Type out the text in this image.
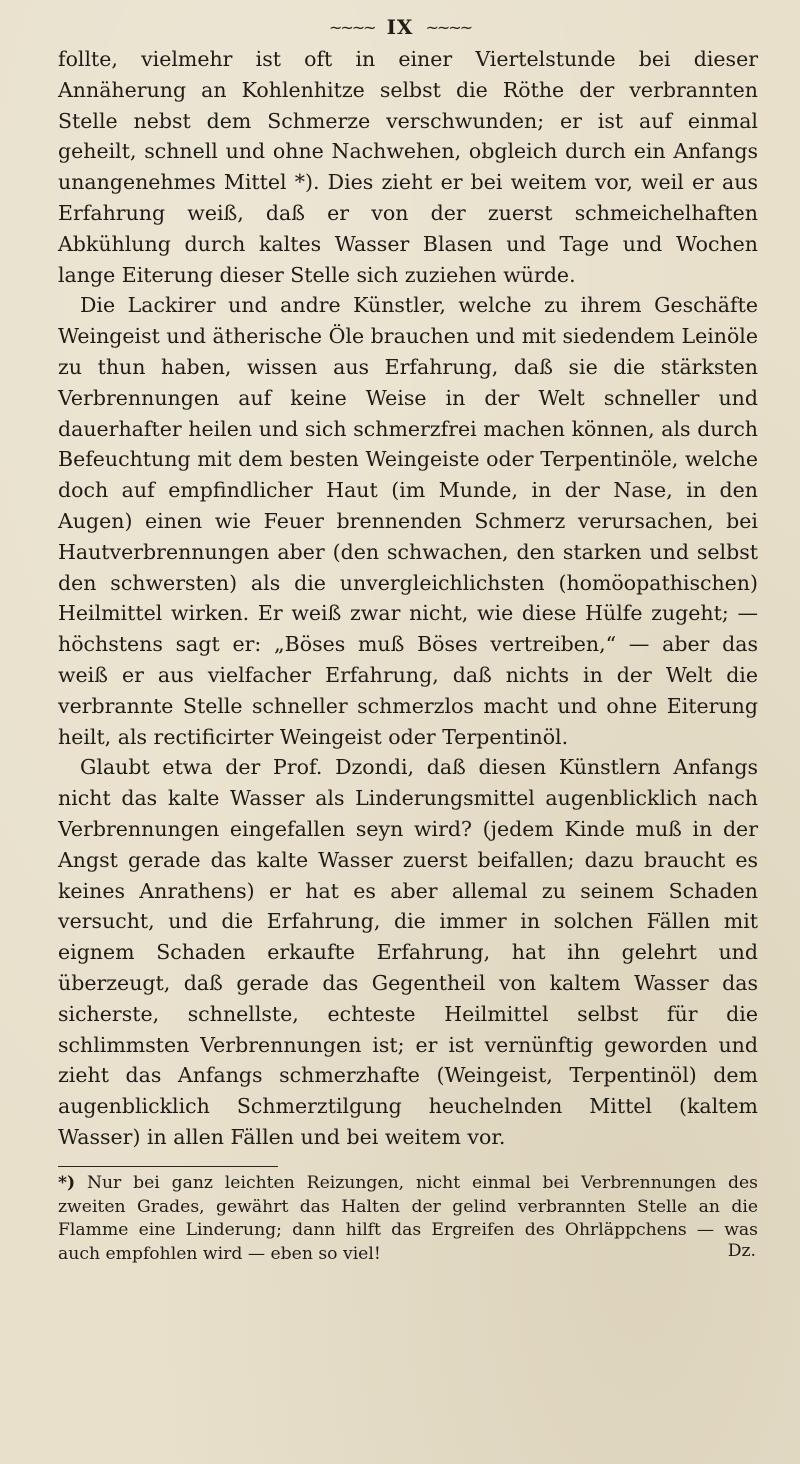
~~~~ IX ~~~~

follte, vielmehr ist oft in einer Viertelstunde bei dieser Annäherung an Kohlenhitze selbst die Röthe der verbrannten Stelle nebst dem Schmerze verschwunden; er ist auf einmal geheilt, schnell und ohne Nachwehen, obgleich durch ein Anfangs unangenehmes Mittel *). Dies zieht er bei weitem vor, weil er aus Erfahrung weiß, daß er von der zuerst schmeichelhaften Abkühlung durch kaltes Wasser Blasen und Tage und Wochen lange Eiterung dieser Stelle sich zuziehen würde.

Die Lackirer und andre Künstler, welche zu ihrem Geschäfte Weingeist und ätherische Öle brauchen und mit siedendem Leinöle zu thun haben, wissen aus Erfahrung, daß sie die stärksten Verbrennungen auf keine Weise in der Welt schneller und dauerhafter heilen und sich schmerzfrei machen können, als durch Befeuchtung mit dem besten Weingeiste oder Terpentinöle, welche doch auf empfindlicher Haut (im Munde, in der Nase, in den Augen) einen wie Feuer brennenden Schmerz verursachen, bei Hautverbrennungen aber (den schwachen, den starken und selbst den schwersten) als die unvergleichlichsten (homöopathischen) Heilmittel wirken. Er weiß zwar nicht, wie diese Hülfe zugeht; — höchstens sagt er: „Böses muß Böses vertreiben,“ — aber das weiß er aus vielfacher Erfahrung, daß nichts in der Welt die verbrannte Stelle schneller schmerzlos macht und ohne Eiterung heilt, als rectificirter Weingeist oder Terpentinöl.

Glaubt etwa der Prof. Dzondi, daß diesen Künstlern Anfangs nicht das kalte Wasser als Linderungsmittel augenblicklich nach Verbrennungen eingefallen seyn wird? (jedem Kinde muß in der Angst gerade das kalte Wasser zuerst beifallen; dazu braucht es keines Anrathens) er hat es aber allemal zu seinem Schaden versucht, und die Erfahrung, die immer in solchen Fällen mit eignem Schaden erkaufte Erfahrung, hat ihn gelehrt und überzeugt, daß gerade das Gegentheil von kaltem Wasser das sicherste, schnellste, echteste Heilmittel selbst für die schlimmsten Verbrennungen ist; er ist vernünftig geworden und zieht das Anfangs schmerzhafte (Weingeist, Terpentinöl) dem augenblicklich Schmerztilgung heuchelnden Mittel (kaltem Wasser) in allen Fällen und bei weitem vor.

*) Nur bei ganz leichten Reizungen, nicht einmal bei Verbrennungen des zweiten Grades, gewährt das Halten der gelind verbrannten Stelle an die Flamme eine Linderung; dann hilft das Ergreifen des Ohrläppchens — was auch empfohlen wird — eben so viel!	Dz.
